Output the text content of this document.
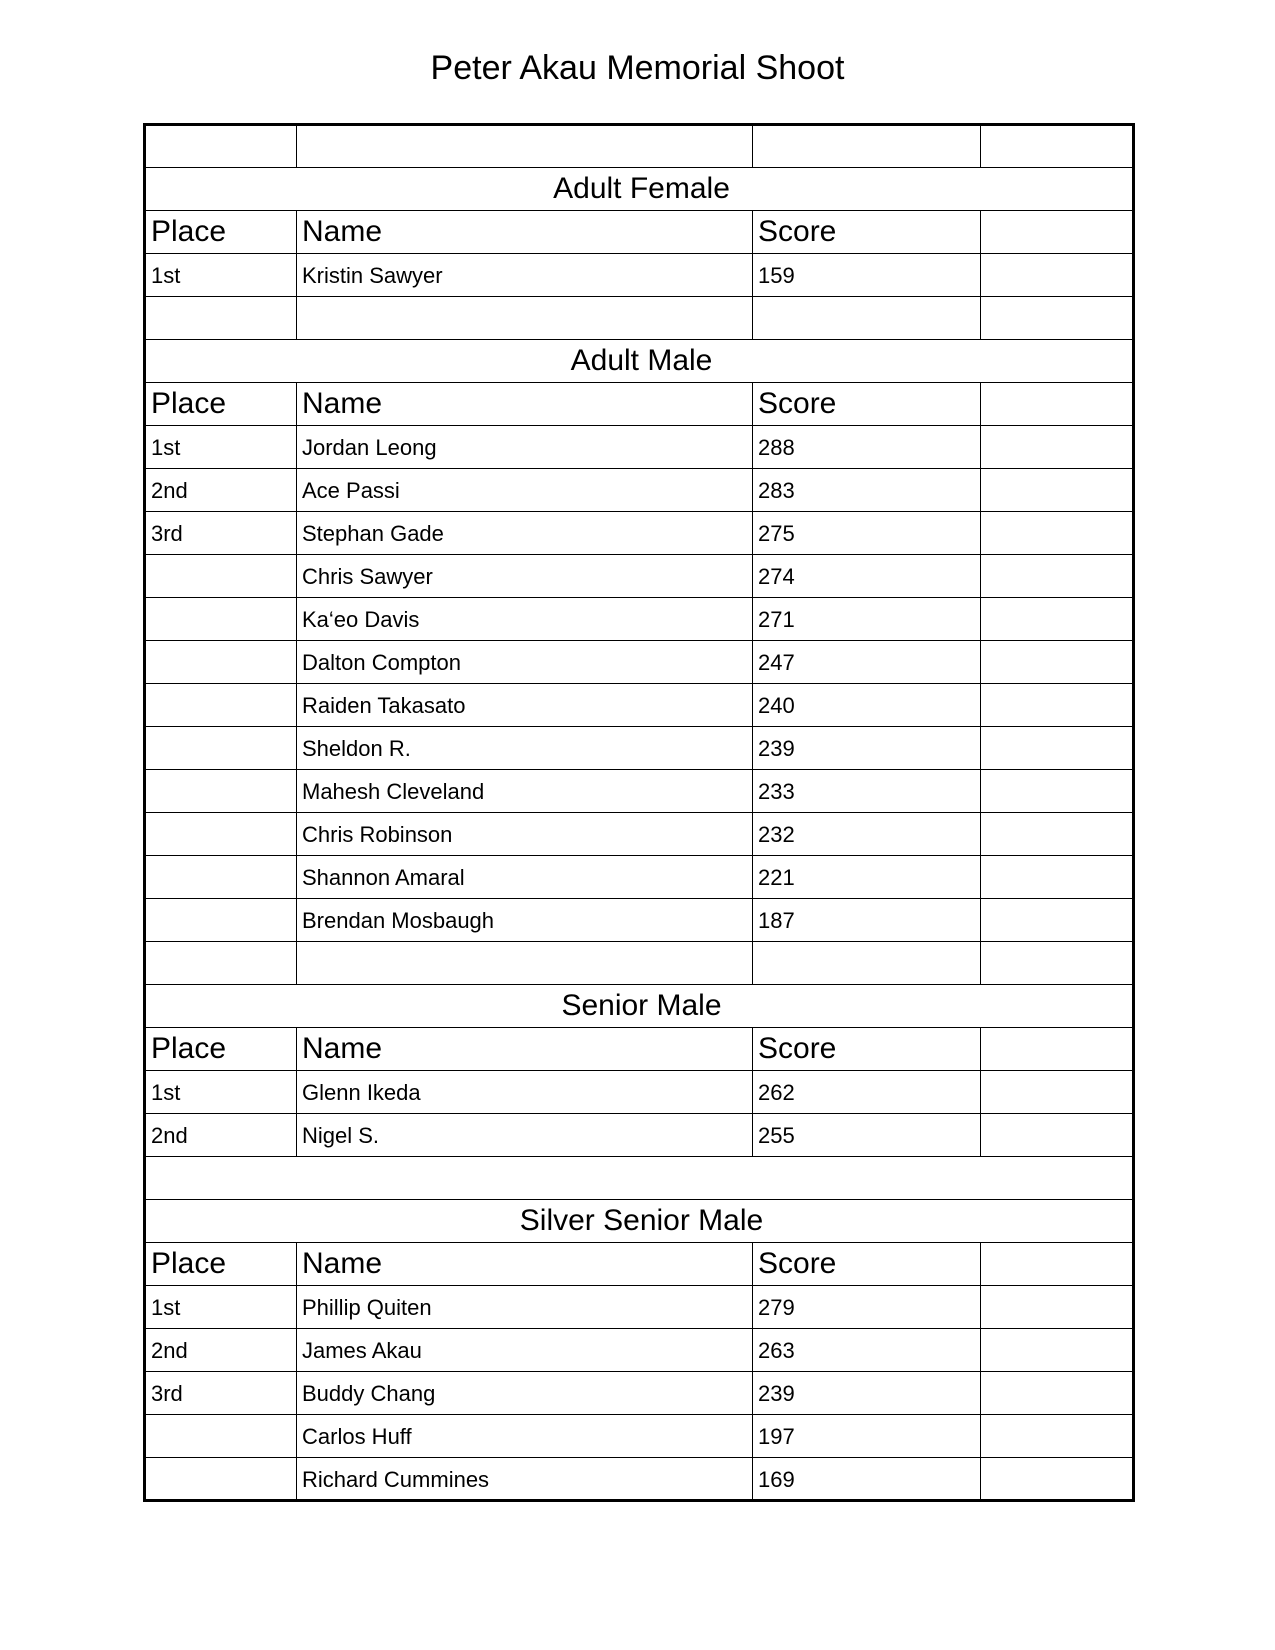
Peter Akau Memorial Shoot

Adult Female			
Place	Name	Score	
1st	Kristin Sawyer	159	

Adult Male			
Place	Name	Score	
1st	Jordan Leong	288	
2nd	Ace Passi	283	
3rd	Stephan Gade	275	
	Chris Sawyer	274	
	Ka‘eo Davis	271	
	Dalton Compton	247	
	Raiden Takasato	240	
	Sheldon R.	239	
	Mahesh Cleveland	233	
	Chris Robinson	232	
	Shannon Amaral	221	
	Brendan Mosbaugh	187	

Senior Male			
Place	Name	Score	
1st	Glenn Ikeda	262	
2nd	Nigel S.	255	

Silver Senior Male			
Place	Name	Score	
1st	Phillip Quiten	279	
2nd	James Akau	263	
3rd	Buddy Chang	239	
	Carlos Huff	197	
	Richard Cummines	169	
